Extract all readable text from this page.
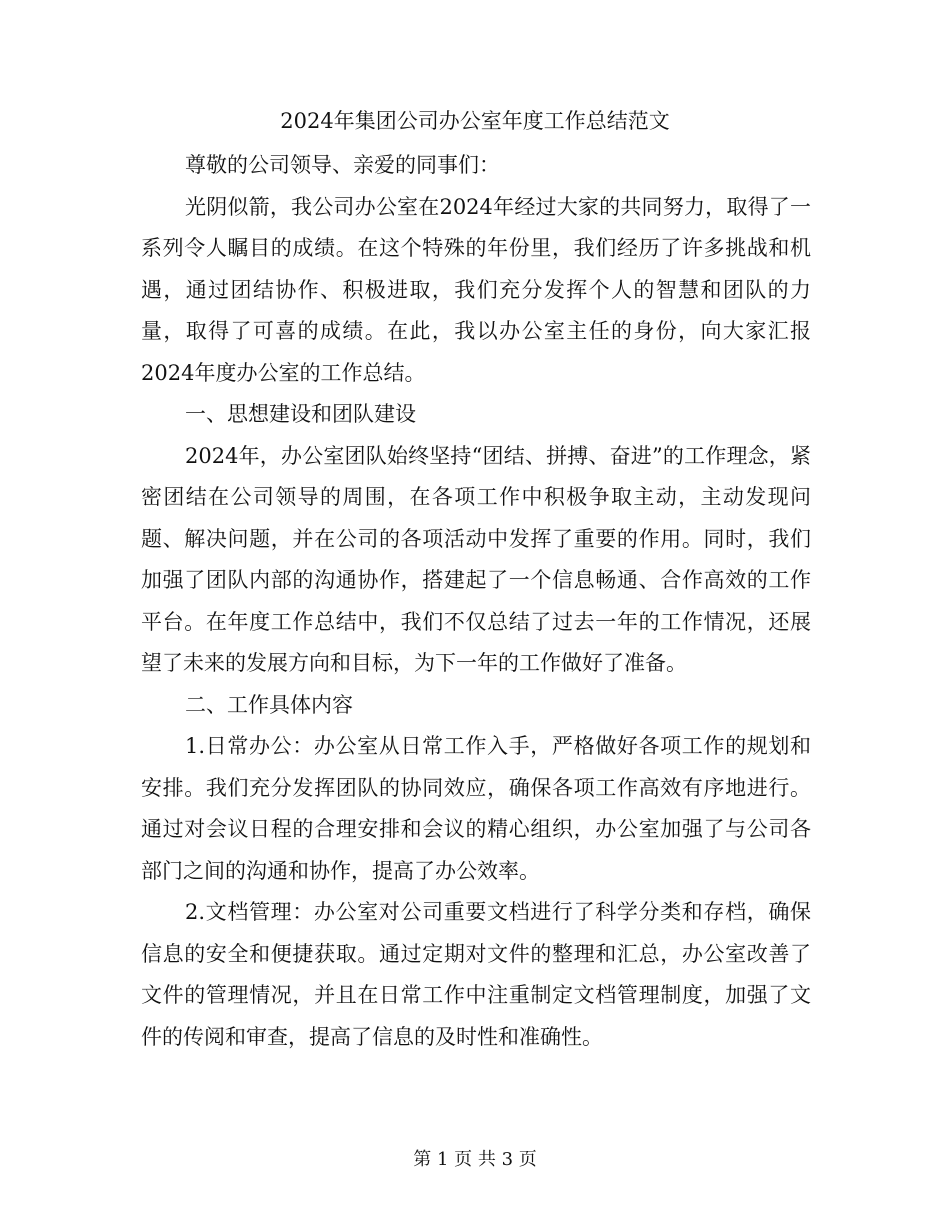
2024年集团公司办公室年度工作总结范文

尊敬的公司领导、亲爱的同事们：

光阴似箭，我公司办公室在2024年经过大家的共同努力，取得了一系列令人瞩目的成绩。在这个特殊的年份里，我们经历了许多挑战和机遇，通过团结协作、积极进取，我们充分发挥个人的智慧和团队的力量，取得了可喜的成绩。在此，我以办公室主任的身份，向大家汇报2024年度办公室的工作总结。

一、思想建设和团队建设

2024年，办公室团队始终坚持“团结、拼搏、奋进”的工作理念，紧密团结在公司领导的周围，在各项工作中积极争取主动，主动发现问题、解决问题，并在公司的各项活动中发挥了重要的作用。同时，我们加强了团队内部的沟通协作，搭建起了一个信息畅通、合作高效的工作平台。在年度工作总结中，我们不仅总结了过去一年的工作情况，还展望了未来的发展方向和目标，为下一年的工作做好了准备。

二、工作具体内容

1.日常办公：办公室从日常工作入手，严格做好各项工作的规划和安排。我们充分发挥团队的协同效应，确保各项工作高效有序地进行。通过对会议日程的合理安排和会议的精心组织，办公室加强了与公司各部门之间的沟通和协作，提高了办公效率。

2.文档管理：办公室对公司重要文档进行了科学分类和存档，确保信息的安全和便捷获取。通过定期对文件的整理和汇总，办公室改善了文件的管理情况，并且在日常工作中注重制定文档管理制度，加强了文件的传阅和审查，提高了信息的及时性和准确性。

第 1 页 共 3 页
